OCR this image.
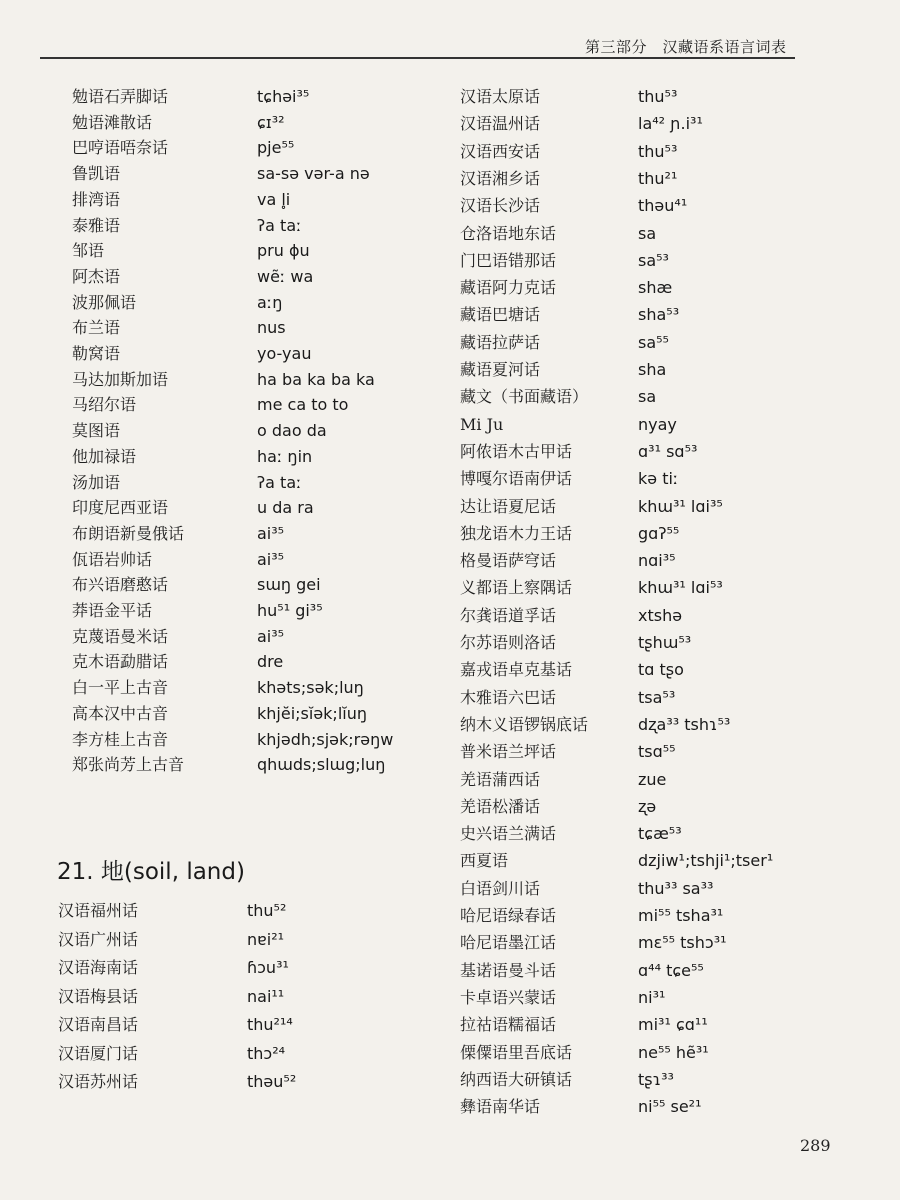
第三部分　汉藏语系语言词表
勉语石弄脚话	tɕhəi³⁵
勉语滩散话	ɕɪ³²
巴哼语唔奈话	pje⁵⁵
鲁凯语	sa-sə vər-a nə
排湾语	va l̥i
泰雅语	ʔa taː
邹语	pru ɸu
阿杰语	wẽː wa
波那佩语	aːŋ
布兰语	nus
勒窝语	yo-yau
马达加斯加语	ha ba ka ba ka
马绍尔语	me ca to to
莫图语	o dao da
他加禄语	haː ŋin
汤加语	ʔa taː
印度尼西亚语	u da ra
布朗语新曼俄话	ai³⁵
佤语岩帅话	ai³⁵
布兴语磨憨话	sɯŋ gei
莽语金平话	hu⁵¹ gi³⁵
克蔑语曼米话	ai³⁵
克木语勐腊话	dre
白一平上古音	khəts;sək;luŋ
高本汉中古音	khjĕi;sĭək;lĭuŋ
李方桂上古音	khjədh;sjək;rəŋw
郑张尚芳上古音	qhɯds;slɯg;luŋ
21. 地(soil, land)
汉语福州话	thu⁵²
汉语广州话	nɐi²¹
汉语海南话	ɦɔu³¹
汉语梅县话	nai¹¹
汉语南昌话	thu²¹⁴
汉语厦门话	thɔ²⁴
汉语苏州话	thəu⁵²
汉语太原话	thu⁵³
汉语温州话	la⁴² ɲ.i³¹
汉语西安话	thu⁵³
汉语湘乡话	thu²¹
汉语长沙话	thəu⁴¹
仓洛语地东话	sa
门巴语错那话	sa⁵³
藏语阿力克话	shæ
藏语巴塘话	sha⁵³
藏语拉萨话	sa⁵⁵
藏语夏河话	sha
藏文（书面藏语）	sa
Mi Ju	nyay
阿侬语木古甲话	ɑ³¹ sɑ⁵³
博嘎尔语南伊话	kə tiː
达让语夏尼话	khɯ³¹ lɑi³⁵
独龙语木力王话	gɑʔ⁵⁵
格曼语萨穹话	nɑi³⁵
义都语上察隅话	khɯ³¹ lɑi⁵³
尔龚语道孚话	xtshə
尔苏语则洛话	tʂhɯ⁵³
嘉戎语卓克基话	tɑ tʂo
木雅语六巴话	tsa⁵³
纳木义语锣锅底话	dʐa³³ tshɿ⁵³
普米语兰坪话	tsɑ⁵⁵
羌语蒲西话	zue
羌语松潘话	ʐə
史兴语兰满话	tɕæ⁵³
西夏语	dzjiw¹;tshji¹;tser¹
白语剑川话	thu³³ sa³³
哈尼语绿春话	mi⁵⁵ tsha³¹
哈尼语墨江话	mɛ⁵⁵ tshɔ³¹
基诺语曼斗话	ɑ⁴⁴ tɕe⁵⁵
卡卓语兴蒙话	ni³¹
拉祜语糯福话	mi³¹ ɕɑ¹¹
傈僳语里吾底话	ne⁵⁵ hẽ³¹
纳西语大研镇话	tʂɿ³³
彝语南华话	ni⁵⁵ se²¹
289
